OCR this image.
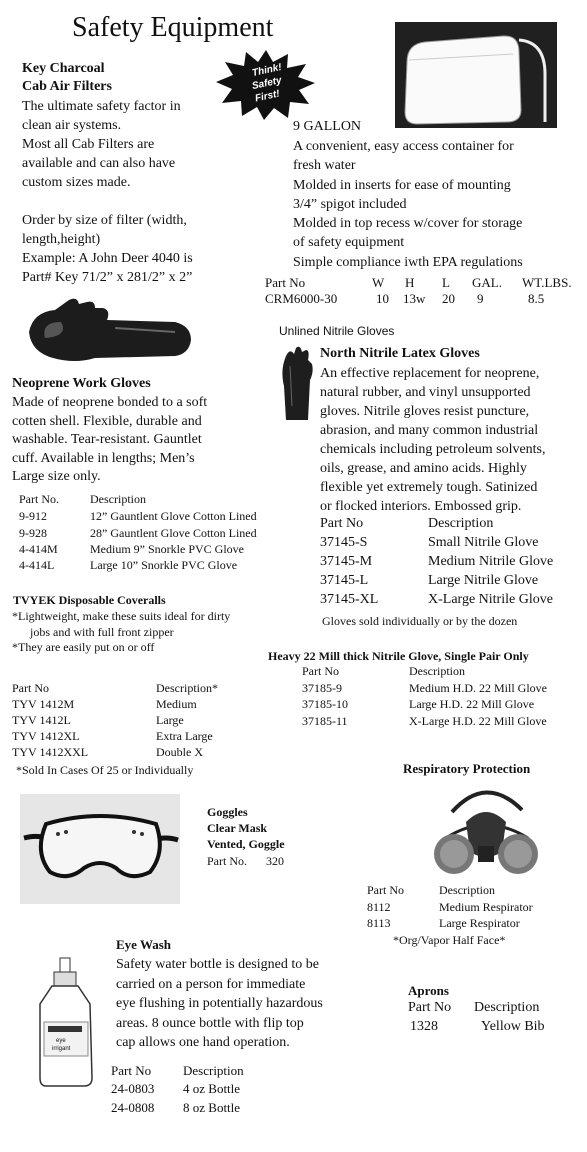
Safety Equipment
Think!
Safety
First!
Key Charcoal
Cab Air Filters
The ultimate safety factor in
clean air systems.
Most all Cab Filters are
available and can also have
custom sizes made.
Order by size of filter (width,
length,height)
Example: A John Deer 4040 is
Part# Key 71/2” x 281/2” x 2”
9 GALLON
A convenient, easy access container for
fresh water
Molded in inserts for ease of mounting
3/4” spigot included
Molded in top recess w/cover for storage
of safety equipment
Simple compliance iwth EPA regulations
Part No	W H L GAL. WT.LBS.
CRM6000-30	10 13w 20 9	8.5
Neoprene Work Gloves
Made of neoprene bonded to a soft
cotten shell. Flexible, durable and
washable. Tear-resistant. Gauntlet
cuff. Available in lengths; Men’s
Large size only.
Part No.	Description
9-912	12” Gauntlent Glove Cotton Lined
9-928	28” Gauntlent Glove Cotton Lined
4-414M	Medium 9” Snorkle PVC Glove
4-414L	Large 10” Snorkle PVC Glove
Unlined Nitrile Gloves
North Nitrile Latex Gloves
An effective replacement for neoprene,
natural rubber, and vinyl unsupported
gloves. Nitrile gloves resist puncture,
abrasion, and many common industrial
chemicals including petroleum solvents,
oils, grease, and amino acids. Highly
flexible yet extremely tough. Satinized
or flocked interiors. Embossed grip.
Part No	Description
37145-S	Small Nitrile Glove
37145-M	Medium Nitrile Glove
37145-L	Large Nitrile Glove
37145-XL	X-Large Nitrile Glove
Gloves sold individually or by the dozen
TVYEK Disposable Coveralls
*Lightweight, make these suits ideal for dirty
jobs and with full front zipper
*They are easily put on or off
Part No	Description*
TYV 1412M	Medium
TYV 1412L	Large
TYV 1412XL	Extra Large
TYV 1412XXL	Double X
*Sold In Cases Of 25 or Individually
Heavy 22 Mill thick Nitrile Glove, Single Pair Only
Part No	Description
37185-9	Medium H.D. 22 Mill Glove
37185-10	Large H.D. 22 Mill Glove
37185-11	X-Large H.D. 22 Mill Glove
Respiratory Protection
Part No	Description
8112	Medium Respirator
8113	Large Respirator
*Org/Vapor Half Face*
Goggles
Clear Mask
Vented, Goggle
Part No. 320
eye
irrigant
Eye Wash
Safety water bottle is designed to be
carried on a person for immediate
eye flushing in potentially hazardous
areas. 8 ounce bottle with flip top
cap allows one hand operation.
Part No Description
24-0803 4 oz Bottle
24-0808 8 oz Bottle
Aprons
Part No Description
1328	Yellow Bib
